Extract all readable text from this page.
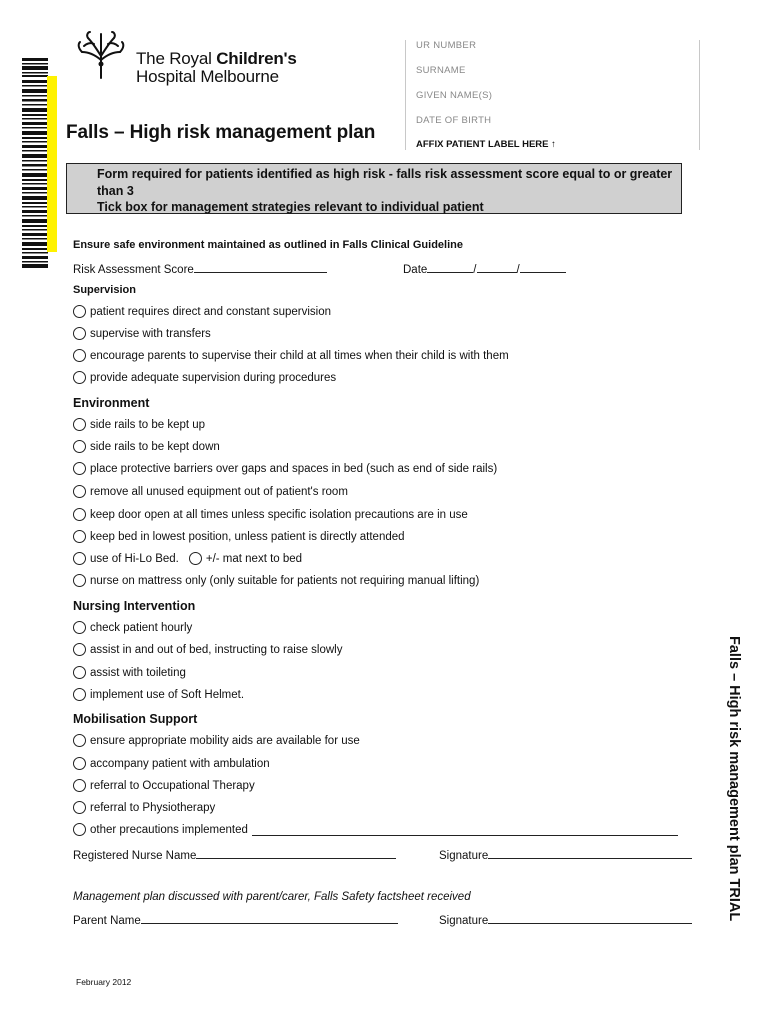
The Royal Children's
Hospital Melbourne
UR NUMBER
SURNAME
GIVEN NAME(S)
DATE OF BIRTH
AFFIX PATIENT LABEL HERE ↑
Falls – High risk management plan
Form required for patients identified as high risk - falls risk assessment score equal to or greater than 3
Tick box for management strategies relevant to individual patient
Ensure safe environment maintained as outlined in Falls Clinical Guideline
Risk Assessment Score	Date	/	/
Supervision
patient requires direct and constant supervision
supervise with transfers
encourage parents to supervise their child at all times when their child is with them
provide adequate supervision during procedures
Environment
side rails to be kept up
side rails to be kept down
place protective barriers over gaps and spaces in bed (such as end of side rails)
remove all unused equipment out of patient's room
keep door open at all times unless specific isolation precautions are in use
keep bed in lowest position, unless patient is directly attended
use of Hi-Lo Bed. +/- mat next to bed
nurse on mattress only (only suitable for patients not requiring manual lifting)
Nursing Intervention
check patient hourly
assist in and out of bed, instructing to raise slowly
assist with toileting
implement use of Soft Helmet.
Mobilisation Support
ensure appropriate mobility aids are available for use
accompany patient with ambulation
referral to Occupational Therapy
referral to Physiotherapy
other precautions implemented
Registered Nurse Name	Signature
Management plan discussed with parent/carer, Falls Safety factsheet received
Parent Name	Signature	Falls – High risk management plan TRIAL
February 2012
